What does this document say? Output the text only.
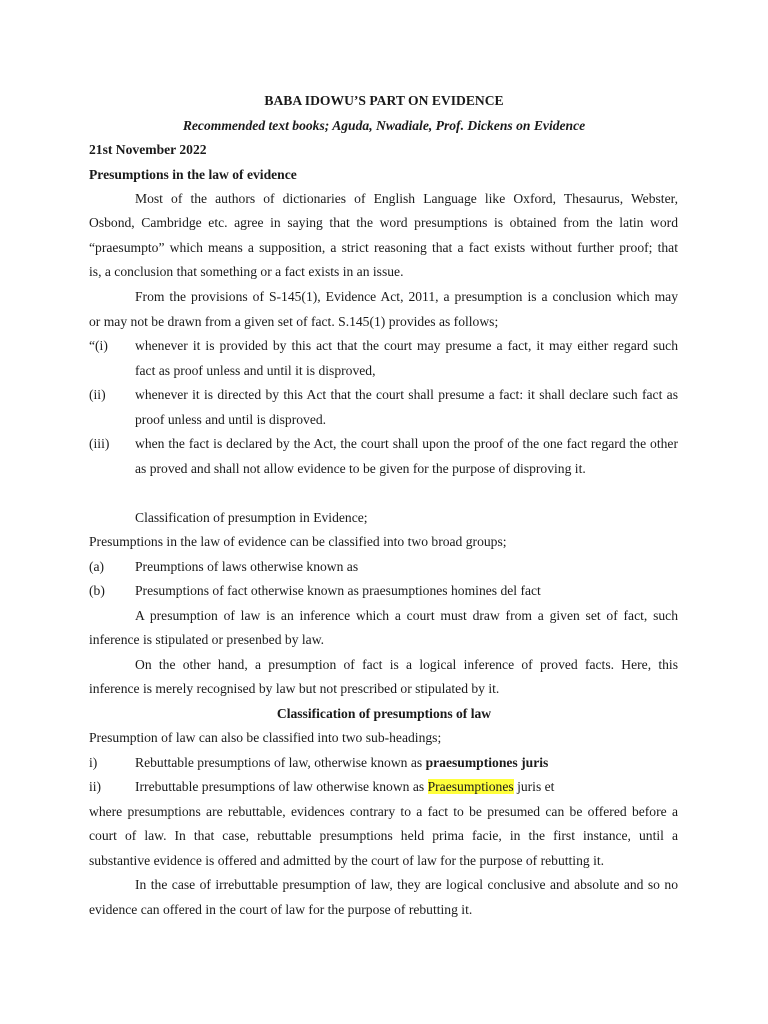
BABA IDOWU’S PART ON EVIDENCE
Recommended text books; Aguda, Nwadiale, Prof. Dickens on Evidence
21st November 2022
Presumptions in the law of evidence
Most of the authors of dictionaries of English Language like Oxford, Thesaurus, Webster,
Osbond, Cambridge etc. agree in saying that the word presumptions is obtained from the latin word
“praesumpto” which means a supposition, a strict reasoning that a fact exists without further proof; that
is, a conclusion that something or a fact exists in an issue.
From the provisions of S-145(1), Evidence Act, 2011, a presumption is a conclusion which may
or may not be drawn from a given set of fact. S.145(1) provides as follows;
“(i) whenever it is provided by this act that the court may presume a fact, it may either regard such
fact as proof unless and until it is disproved,
(ii) whenever it is directed by this Act that the court shall presume a fact: it shall declare such fact as
proof unless and until is disproved.
(iii) when the fact is declared by the Act, the court shall upon the proof of the one fact regard the other
as proved and shall not allow evidence to be given for the purpose of disproving it.
Classification of presumption in Evidence;
Presumptions in the law of evidence can be classified into two broad groups;
(a) Preumptions of laws otherwise known as
(b) Presumptions of fact otherwise known as praesumptiones homines del fact
A presumption of law is an inference which a court must draw from a given set of fact, such
inference is stipulated or presenbed by law.
On the other hand, a presumption of fact is a logical inference of proved facts. Here, this
inference is merely recognised by law but not prescribed or stipulated by it.
Classification of presumptions of law
Presumption of law can also be classified into two sub-headings;
i)	Rebuttable presumptions of law, otherwise known as praesumptiones juris
ii) Irrebuttable presumptions of law otherwise known as Praesumptiones juris et
where presumptions are rebuttable, evidences contrary to a fact to be presumed can be offered before a
court of law. In that case, rebuttable presumptions held prima facie, in the first instance, until a
substantive evidence is offered and admitted by the court of law for the purpose of rebutting it.
In the case of irrebuttable presumption of law, they are logical conclusive and absolute and so no
evidence can offered in the court of law for the purpose of rebutting it.
